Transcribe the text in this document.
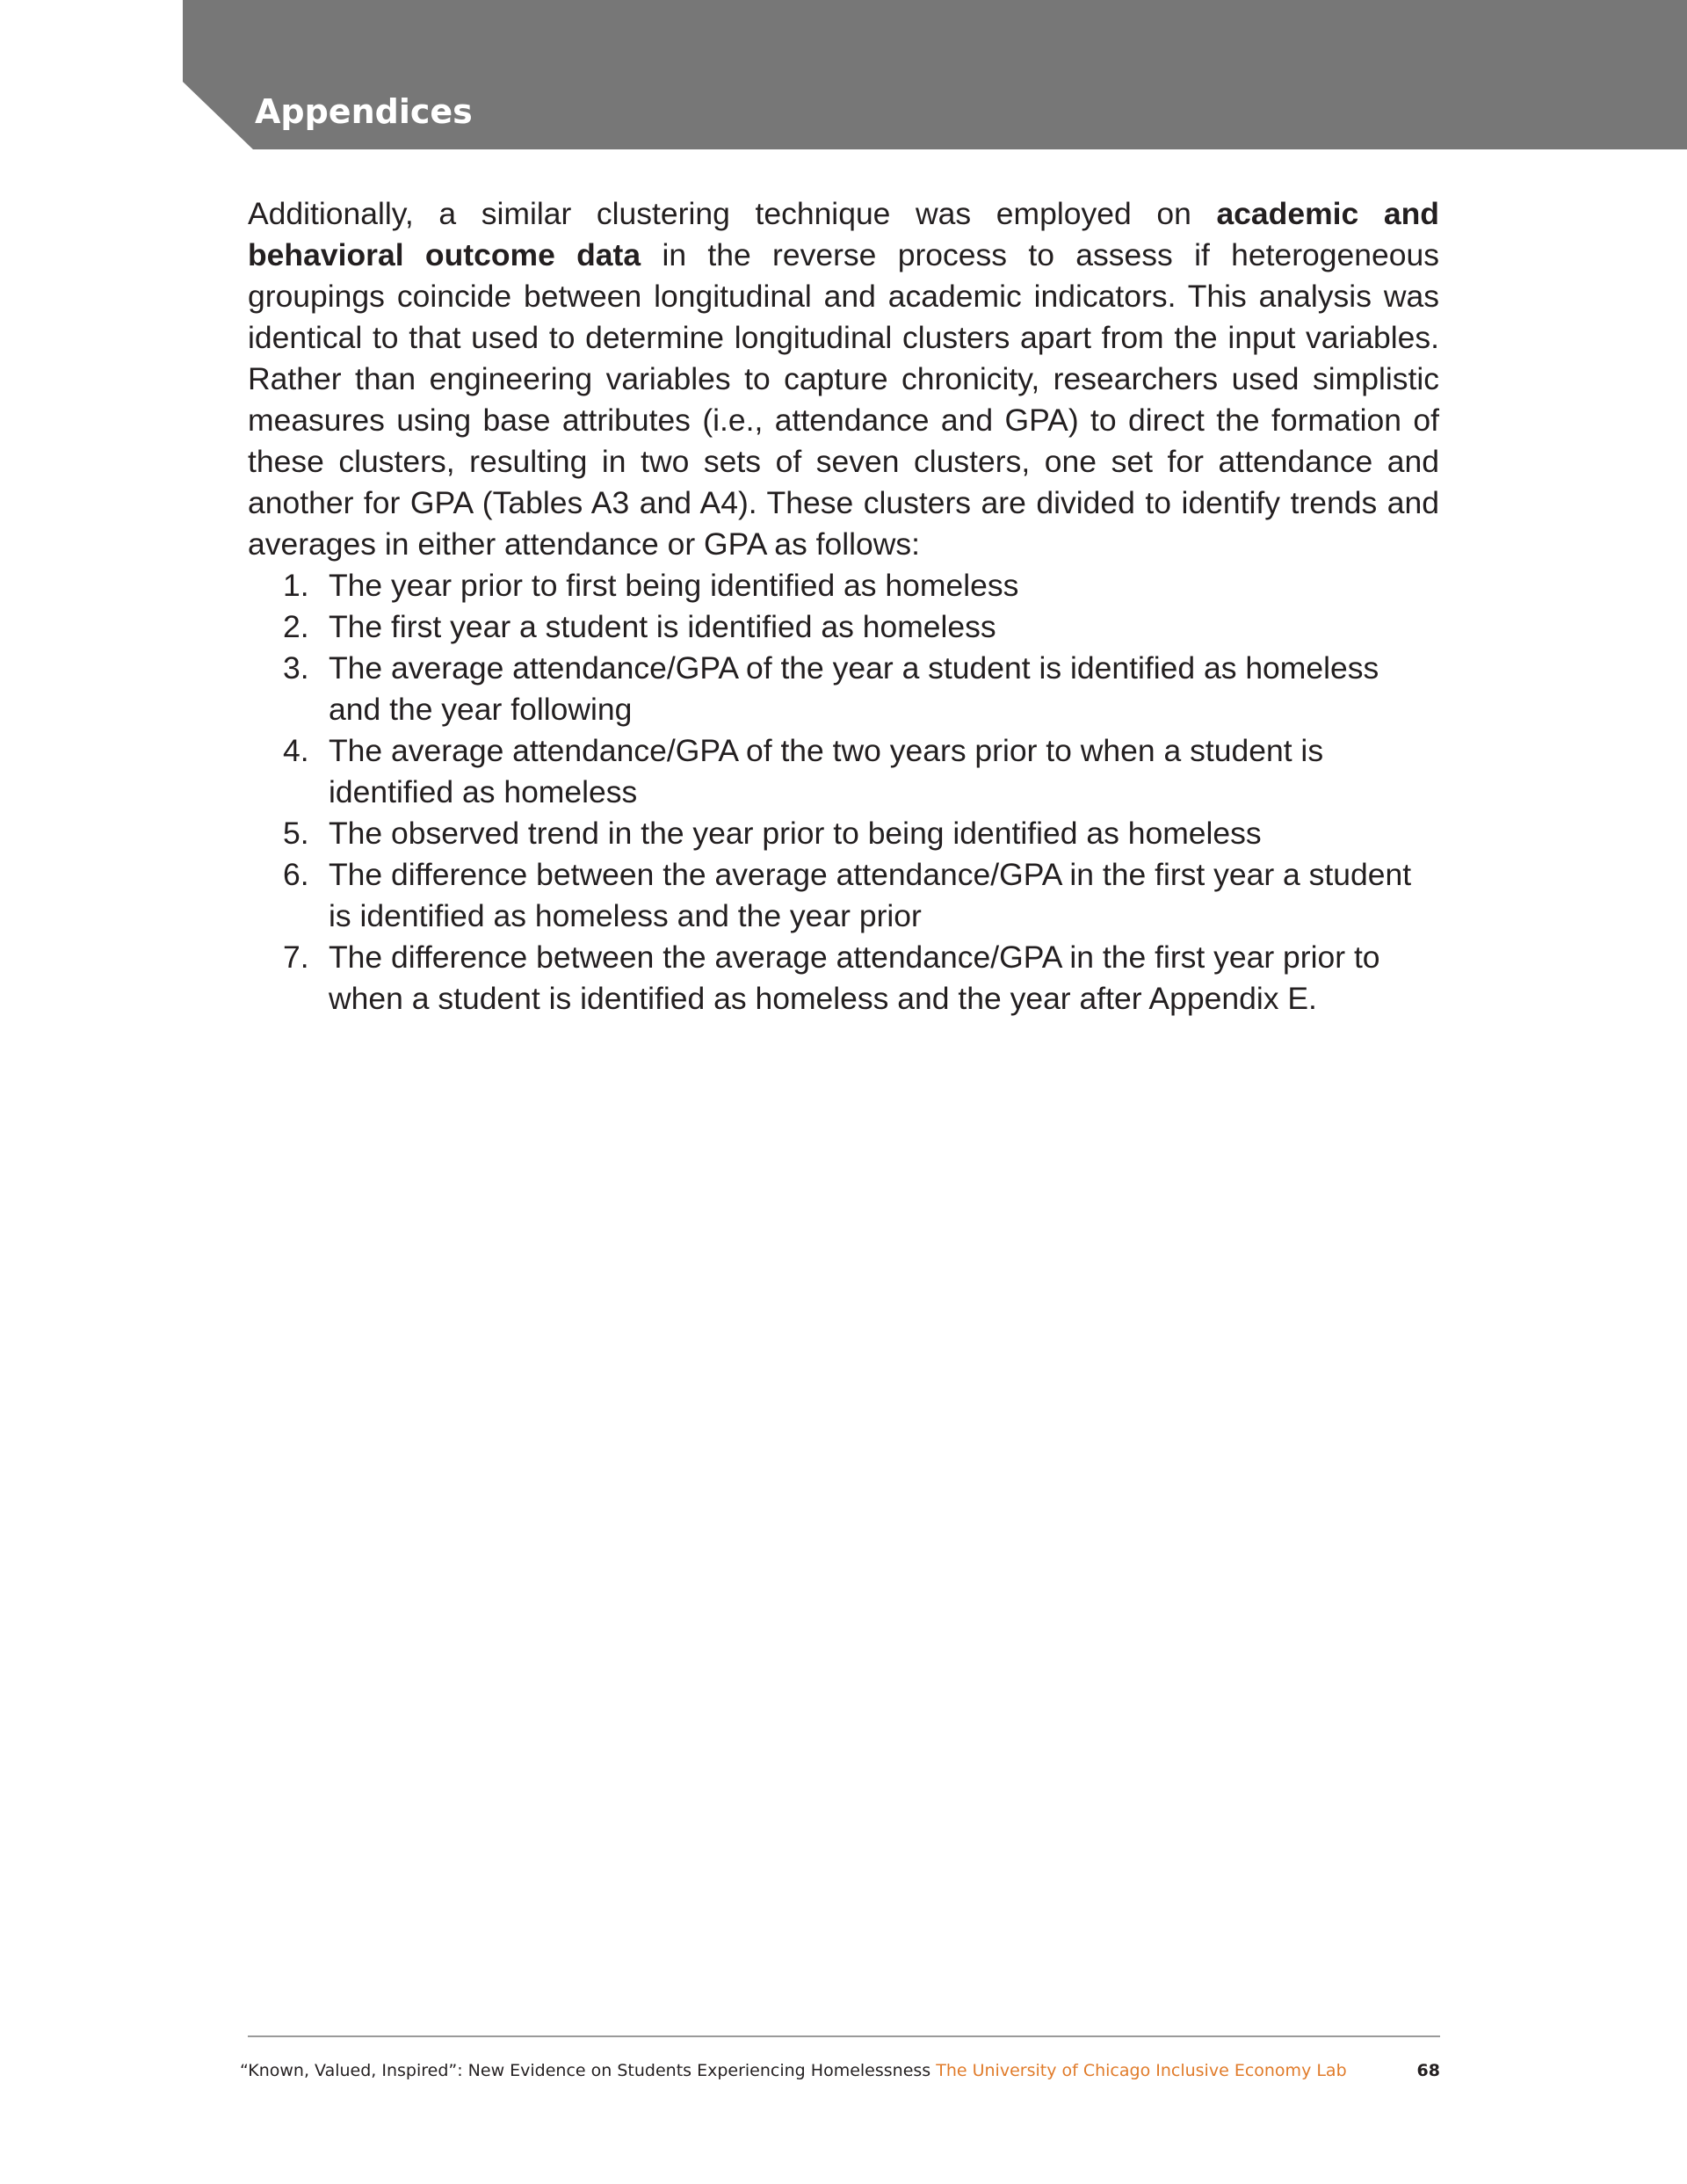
Appendices

Additionally, a similar clustering technique was employed on academic and behavioral outcome data in the reverse process to assess if heterogeneous groupings coincide between longitudinal and academic indicators. This analysis was identical to that used to determine longitudinal clusters apart from the input variables. Rather than engineering variables to capture chronicity, researchers used simplistic measures using base attributes (i.e., attendance and GPA) to direct the formation of these clusters, resulting in two sets of seven clusters, one set for attendance and another for GPA (Tables A3 and A4). These clusters are divided to identify trends and averages in either attendance or GPA as follows:

1. The year prior to first being identified as homeless
2. The first year a student is identified as homeless
3. The average attendance/GPA of the year a student is identified as homeless and the year following
4. The average attendance/GPA of the two years prior to when a student is identified as homeless
5. The observed trend in the year prior to being identified as homeless
6. The difference between the average attendance/GPA in the first year a student is identified as homeless and the year prior
7. The difference between the average attendance/GPA in the first year prior to when a student is identified as homeless and the year after Appendix E.
“Known, Valued, Inspired”: New Evidence on Students Experiencing Homelessness The University of Chicago Inclusive Economy Lab	68
